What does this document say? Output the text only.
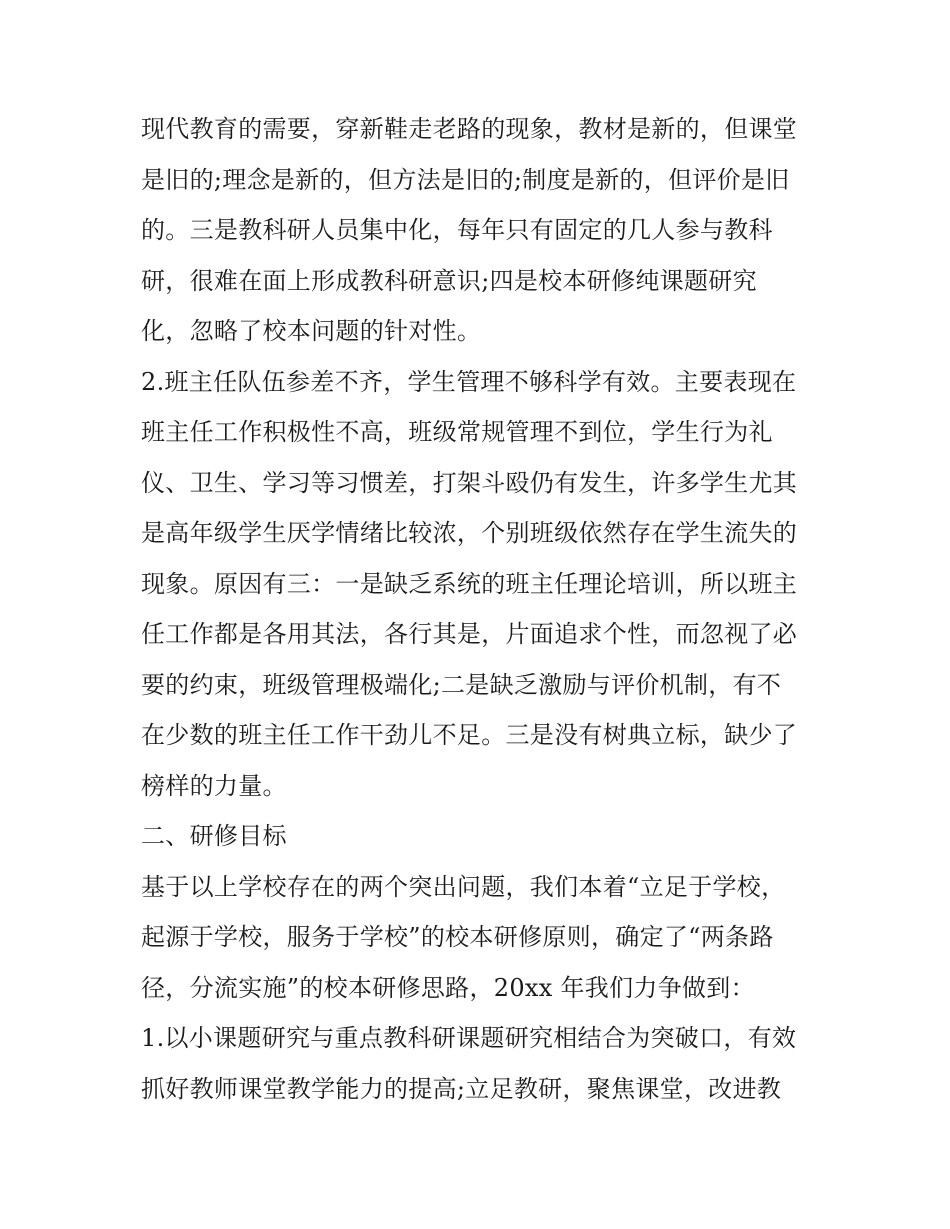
现代教育的需要，穿新鞋走老路的现象，教材是新的，但课堂
是旧的;理念是新的，但方法是旧的;制度是新的，但评价是旧
的。三是教科研人员集中化，每年只有固定的几人参与教科
研，很难在面上形成教科研意识;四是校本研修纯课题研究
化，忽略了校本问题的针对性。
2.班主任队伍参差不齐，学生管理不够科学有效。主要表现在
班主任工作积极性不高，班级常规管理不到位，学生行为礼
仪、卫生、学习等习惯差，打架斗殴仍有发生，许多学生尤其
是高年级学生厌学情绪比较浓，个别班级依然存在学生流失的
现象。原因有三：一是缺乏系统的班主任理论培训，所以班主
任工作都是各用其法，各行其是，片面追求个性，而忽视了必
要的约束，班级管理极端化;二是缺乏激励与评价机制，有不
在少数的班主任工作干劲儿不足。三是没有树典立标，缺少了
榜样的力量。
二、研修目标
基于以上学校存在的两个突出问题，我们本着“立足于学校，
起源于学校，服务于学校”的校本研修原则，确定了“两条路
径，分流实施”的校本研修思路，20xx 年我们力争做到：
1.以小课题研究与重点教科研课题研究相结合为突破口，有效
抓好教师课堂教学能力的提高;立足教研，聚焦课堂，改进教
